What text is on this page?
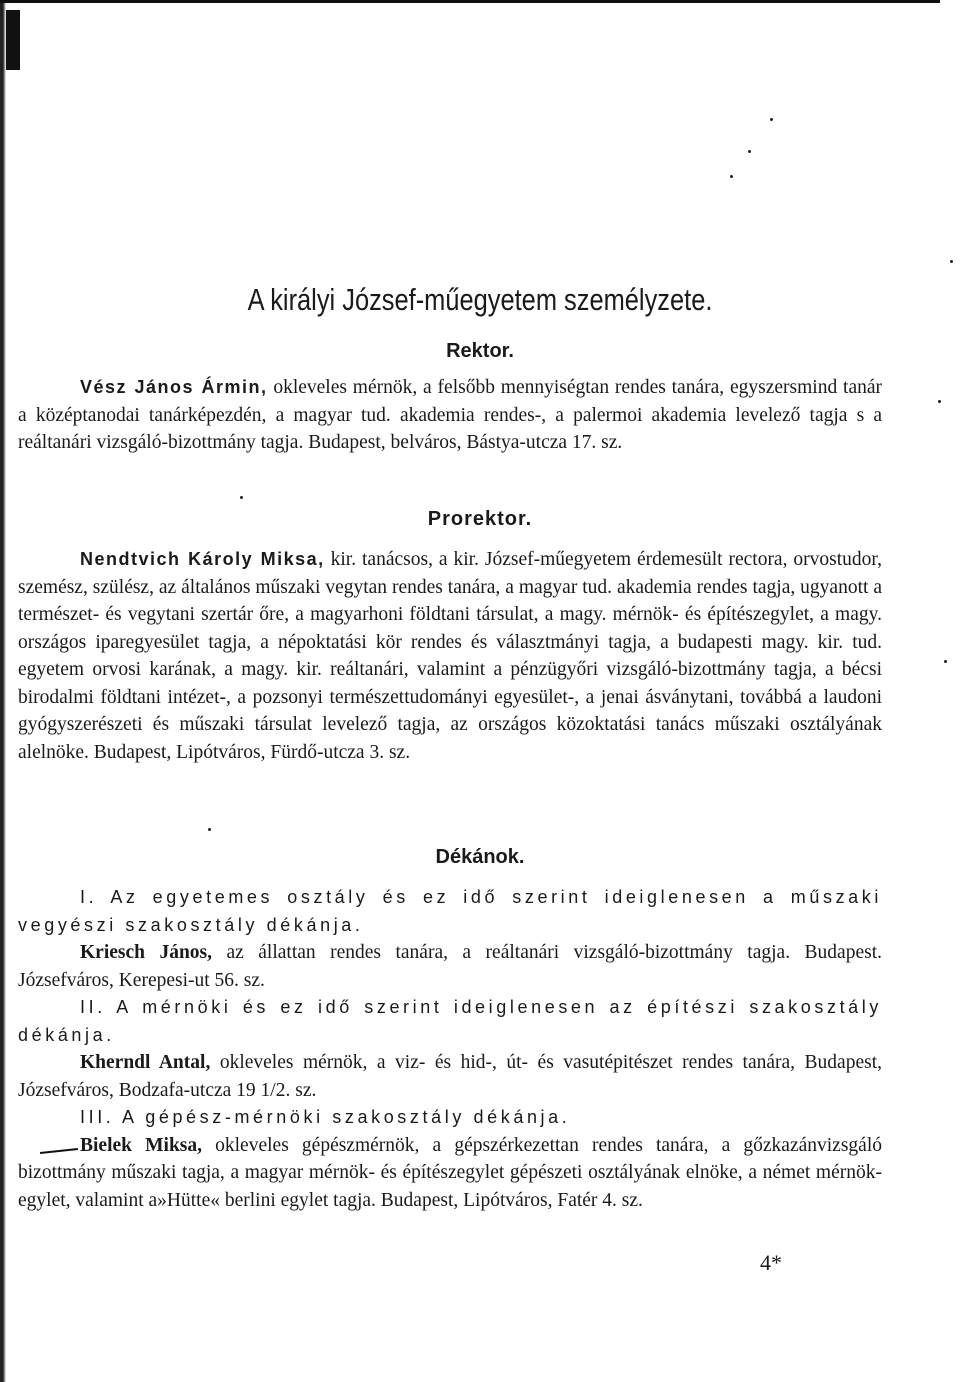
A királyi József-műegyetem személyzete.
Rektor.

Vész János Ármin, okleveles mérnök, a felsőbb mennyiségtan rendes tanára, egyszersmind tanár a középtanodai tanárképezdén, a magyar tud. akademia rendes-, a palermoi akademia levelező tagja s a reáltanári vizsgáló-bizottmány tagja. Budapest, belváros, Bástya-utcza 17. sz.

Prorektor.

Nendtvich Károly Miksa, kir. tanácsos, a kir. József-műegyetem érdemesült rectora, orvostudor, szemész, szülész, az általános műszaki vegytan rendes tanára, a magyar tud. akademia rendes tagja, ugyanott a természet- és vegytani szertár őre, a magyarhoni földtani társulat, a magy. mérnök- és építészegylet, a magy. országos iparegyesület tagja, a népoktatási kör rendes és választmányi tagja, a budapesti magy. kir. tud. egyetem orvosi karának, a magy. kir. reáltanári, valamint a pénzügyőri vizsgáló-bizottmány tagja, a bécsi birodalmi földtani intézet-, a pozsonyi természettudományi egyesület-, a jenai ásványtani, továbbá a laudoni gyógyszerészeti és műszaki társulat levelező tagja, az országos közoktatási tanács műszaki osztályának alelnöke. Budapest, Lipótváros, Fürdő-utcza 3. sz.

Dékánok.

I. Az egyetemes osztály és ez idő szerint ideiglenesen a műszaki vegyészi szakosztály dékánja.

Kriesch János, az állattan rendes tanára, a reáltanári vizsgáló-bizottmány tagja. Budapest. Józsefváros, Kerepesi-ut 56. sz.

II. A mérnöki és ez idő szerint ideiglenesen az építészi szakosztály dékánja.

Kherndl Antal, okleveles mérnök, a viz- és hid-, út- és vasutépitészet rendes tanára, Budapest, Józsefváros, Bodzafa-utcza 19 1/2. sz.

III. A gépész-mérnöki szakosztály dékánja.

Bielek Miksa, okleveles gépészmérnök, a gépszérkezettan rendes tanára, a gőzkazánvizsgáló bizottmány műszaki tagja, a magyar mérnök- és építészegylet gépészeti osztályának elnöke, a német mérnök-egylet, valamint a»Hütte« berlini egylet tagja. Budapest, Lipótváros, Fatér 4. sz.

4*
